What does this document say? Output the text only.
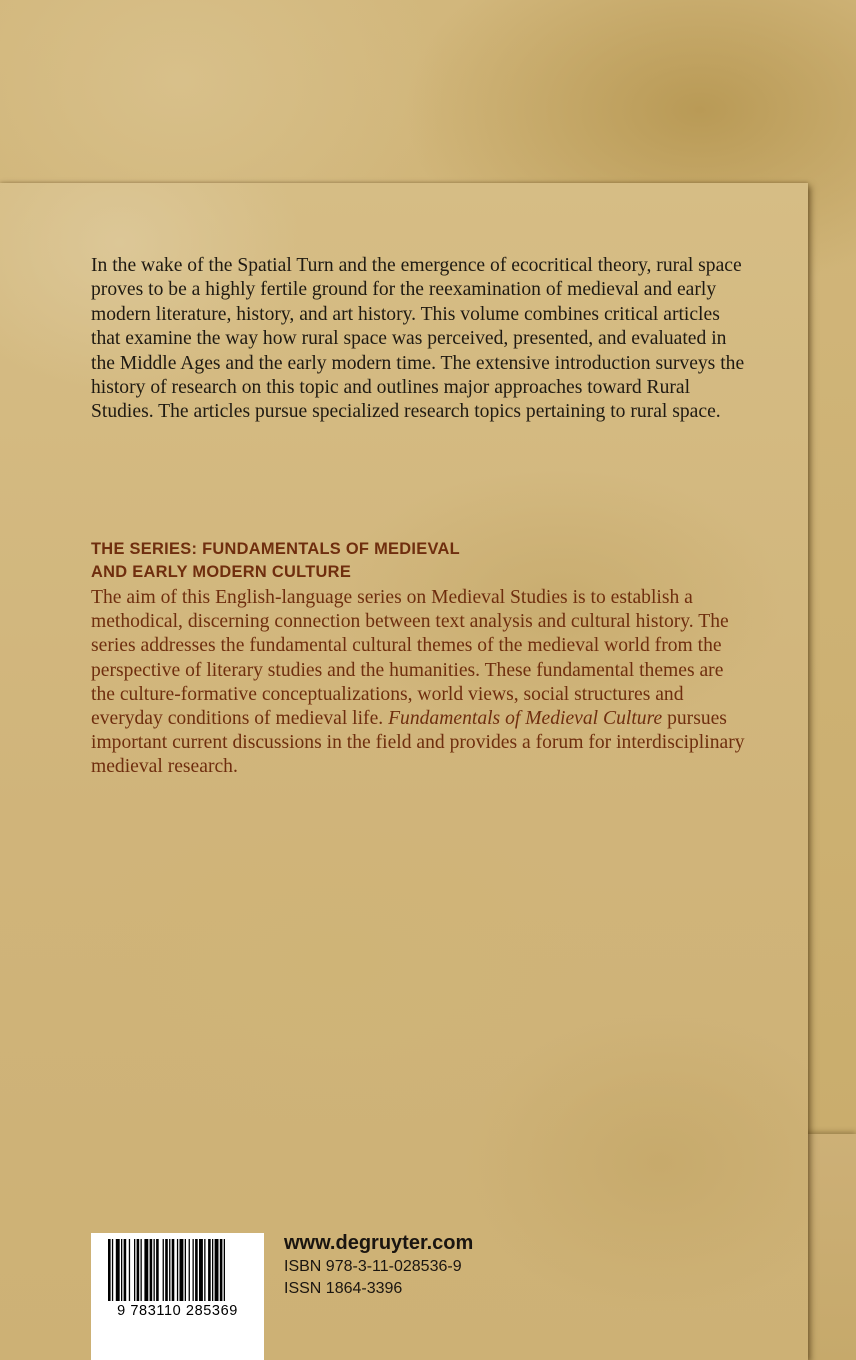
In the wake of the Spatial Turn and the emergence of ecocritical theory, rural space proves to be a highly fertile ground for the reexamination of medieval and early modern literature, history, and art history. This volume combines critical articles that examine the way how rural space was perceived, presented, and evaluated in the Middle Ages and the early modern time. The extensive introduction surveys the history of research on this topic and outlines major approaches toward Rural Studies. The articles pursue specialized research topics pertaining to rural space.

THE SERIES: FUNDAMENTALS OF MEDIEVAL
AND EARLY MODERN CULTURE

The aim of this English-language series on Medieval Studies is to establish a methodical, discerning connection between text analysis and cultural history. The series addresses the fundamental cultural themes of the medieval world from the perspective of literary studies and the humanities. These fundamental themes are the culture-formative conceptualizations, world views, social structures and everyday conditions of medieval life. Fundamentals of Medieval Culture pursues important current discussions in the field and provides a forum for interdisciplinary medieval research.

9 783110 285369
www.degruyter.com
ISBN 978-3-11-028536-9
ISSN 1864-3396
